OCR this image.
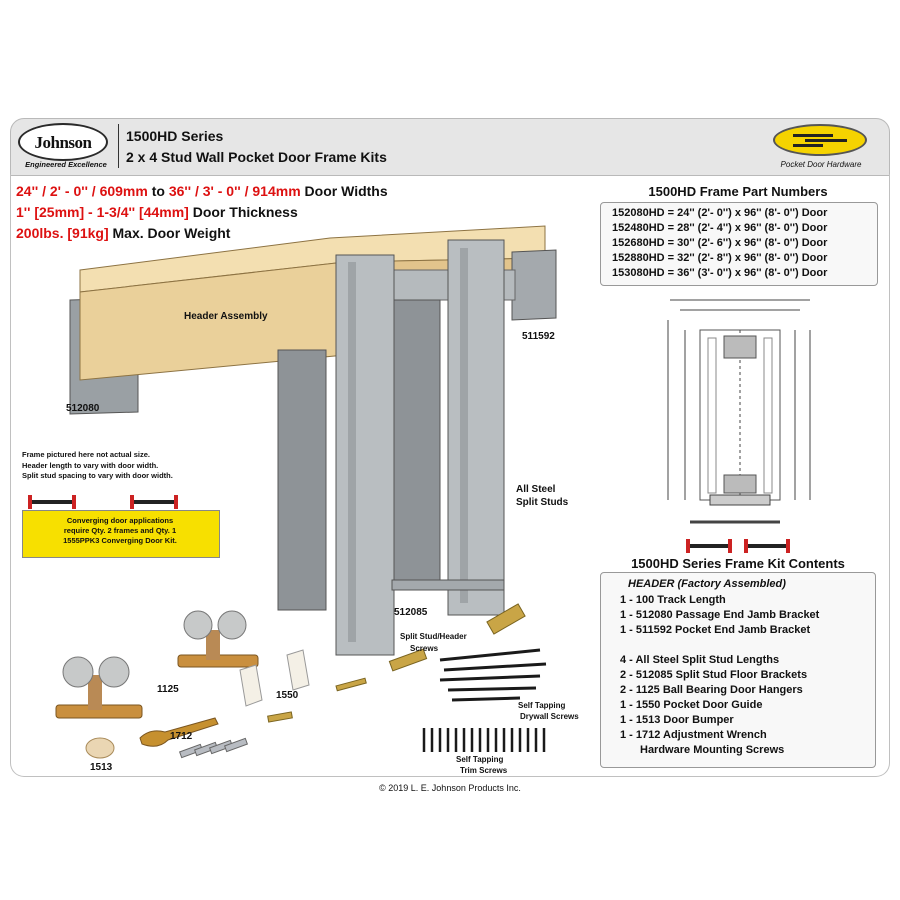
Johnson
Engineered Excellence
1500HD Series
2 x 4 Stud Wall Pocket Door Frame Kits	Pocket Door Hardware
24'' / 2' - 0'' / 609mm to 36'' / 3' - 0'' / 914mm Door Widths
1'' [25mm] - 1-3/4'' [44mm] Door Thickness
200lbs. [91kg] Max. Door Weight
Header Assembly
512080
511592
All Steel
Split Studs
512085
1125
1550
1712
1513
Split Stud/Header
Screws
Self Tapping
Drywall Screws
Self Tapping
Trim Screws
Frame pictured here not actual size.
Header length to vary with door width.
Split stud spacing to vary with door width.
Converging door applications
require Qty. 2 frames and Qty. 1
1555PPK3 Converging Door Kit.
1500HD Frame Part Numbers
152080HD = 24'' (2'- 0'') x 96'' (8'- 0'') Door
152480HD = 28'' (2'- 4'') x 96'' (8'- 0'') Door
152680HD = 30'' (2'- 6'') x 96'' (8'- 0'') Door
152880HD = 32'' (2'- 8'') x 96'' (8'- 0'') Door
153080HD = 36'' (3'- 0'') x 96'' (8'- 0'') Door
1500HD Series Frame Kit Contents
HEADER (Factory Assembled)
1 - 100 Track Length
1 - 512080 Passage End Jamb Bracket
1 - 511592 Pocket End Jamb Bracket
4 - All Steel Split Stud Lengths
2 - 512085 Split Stud Floor Brackets
2 - 1125 Ball Bearing Door Hangers
1 - 1550 Pocket Door Guide
1 - 1513 Door Bumper
1 - 1712 Adjustment Wrench
Hardware Mounting Screws
© 2019 L. E. Johnson Products Inc.
